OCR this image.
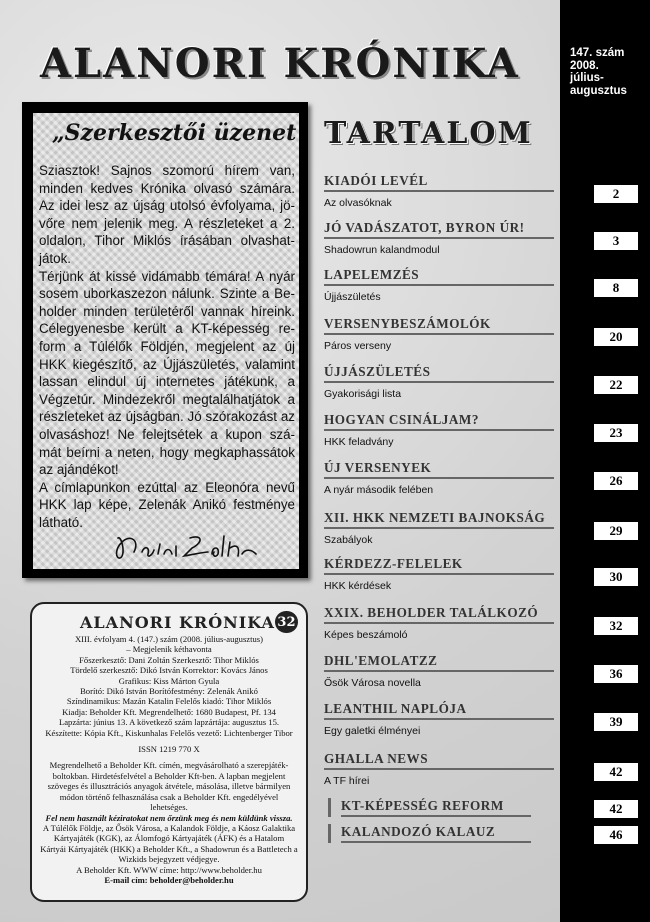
147. szám
2008.
július-
augusztus
ALANORI KRÓNIKA
„Szerkesztői üzenet

Sziasztok! Sajnos szomorú hírem van, minden kedves Krónika olvasó számára. Az idei lesz az újság utolsó évfolyama, jö-vőre nem jelenik meg. A részleteket a 2. oldalon, Tihor Miklós írásában olvashat-játok.

Térjünk át kissé vidámabb témára! A nyár sosem uborkaszezon nálunk. Szinte a Be-holder minden területéről vannak híreink. Célegyenesbe került a KT-képesség re-form a Túlélők Földjén, megjelent az új HKK kiegészítő, az Újjászületés, valamint lassan elindul új internetes játékunk, a Végzetúr. Mindezekről megtalálhatjátok a részleteket az újságban. Jó szórakozást az olvasáshoz! Ne felejtsétek a kupon szá-mát beírni a neten, hogy megkaphassátok az ajándékot!

A címlapunkon ezúttal az Eleonóra nevű HKK lap képe, Zelenák Anikó festménye látható.

ALANORI KRÓNIKA 32
XIII. évfolyam 4. (147.) szám (2008. július-augusztus)
– Megjelenik kéthavonta
Főszerkesztő: Dani Zoltán Szerkesztő: Tihor Miklós
Tördelő szerkesztő: Dikó István Korrektor: Kovács János
Grafikus: Kiss Márton Gyula
Borító: Dikó István Borítófestmény: Zelenák Anikó
Színdinamikus: Mazán Katalin Felelős kiadó: Tihor Miklós
Kiadja: Beholder Kft. Megrendelhető: 1680 Budapest, Pf. 134
Lapzárta: június 13. A következő szám lapzártája: augusztus 15.
Készítette: Kópia Kft., Kiskunhalas Felelős vezető: Lichtenberger Tibor
ISSN 1219 770 X
Megrendelhető a Beholder Kft. címén, megvásárolható a szerepjáték-boltokban. Hirdetésfelvétel a Beholder Kft-ben. A lapban megjelent szöveges és illusztrációs anyagok átvétele, másolása, illetve bármilyen módon történő felhasználása csak a Beholder Kft. engedélyével lehetséges.
Fel nem használt kéziratokat nem őrzünk meg és nem küldünk vissza.
A Túlélők Földje, az Ősök Városa, a Kalandok Földje, a Káosz Galaktika Kártyajáték (KGK), az Álomfogó Kártyajáték (ÁFK) és a Hatalom Kártyái Kártyajáték (HKK) a Beholder Kft., a Shadowrun és a Battletech a Wizkids bejegyzett védjegye.
A Beholder Kft. WWW címe: http://www.beholder.hu
E-mail cím: beholder@beholder.hu
TARTALOM
KIADÓI LEVÉL
Az olvasóknak
2
JÓ VADÁSZATOT, BYRON ÚR!
Shadowrun kalandmodul
3
LAPELEMZÉS
Újjászületés
8
VERSENYBESZÁMOLÓK
Páros verseny
20
ÚJJÁSZÜLETÉS
Gyakorisági lista
22
HOGYAN CSINÁLJAM?
HKK feladvány
23
ÚJ VERSENYEK
A nyár második felében
26
XII. HKK NEMZETI BAJNOKSÁG
Szabályok
29
KÉRDEZZ-FELELEK
HKK kérdések
30
XXIX. BEHOLDER TALÁLKOZÓ
Képes beszámoló
32
DHL'EMOLATZZ
Ősök Városa novella
36
LEANTHIL NAPLÓJA
Egy galetki élményei
39
GHALLA NEWS
A TF hírei
42
KT-KÉPESSÉG REFORM	42
KALANDOZÓ KALAUZ	46
